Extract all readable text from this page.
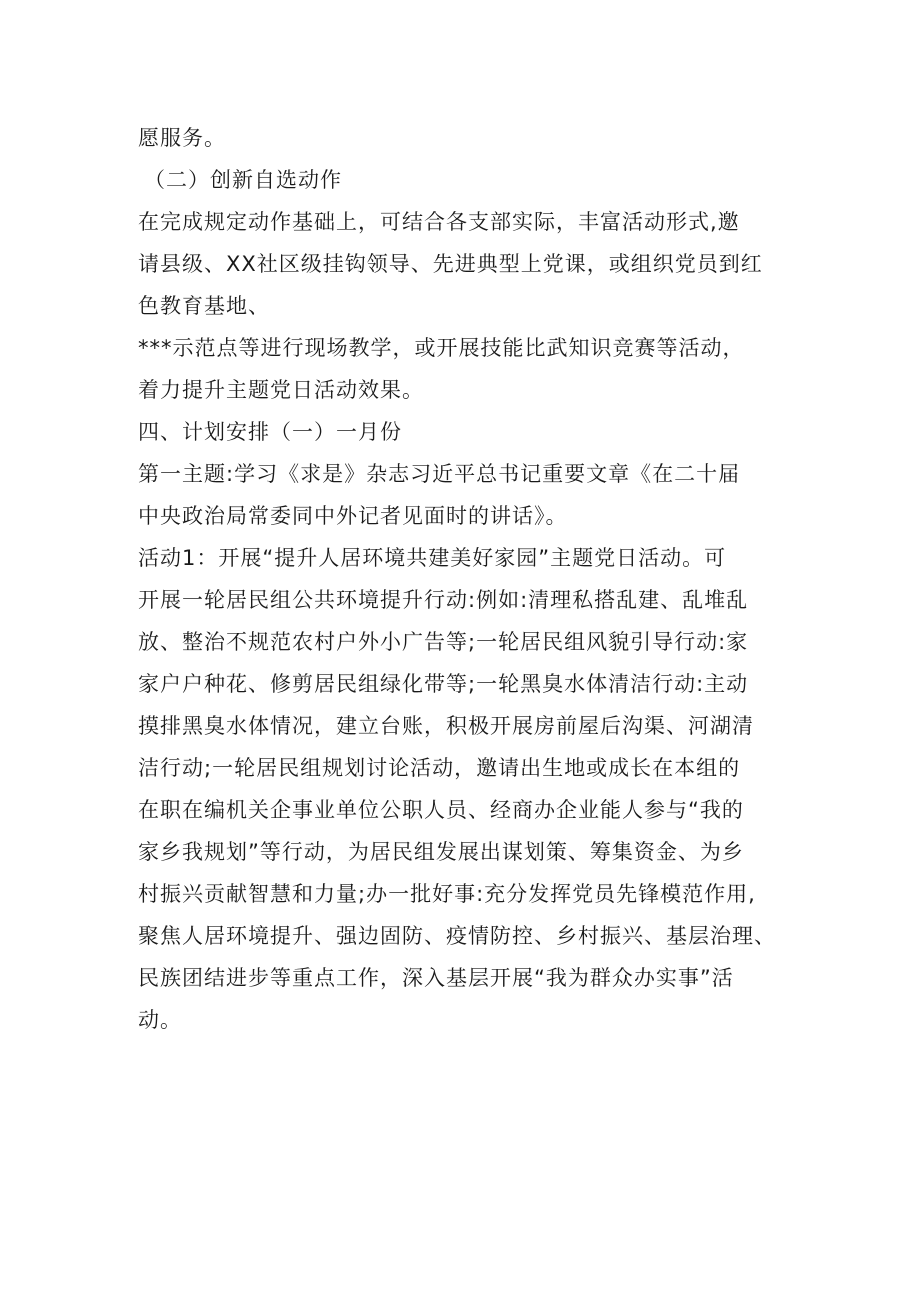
愿服务。
（二）创新自选动作
在完成规定动作基础上，可结合各支部实际，丰富活动形式,邀
请县级、XX社区级挂钩领导、先进典型上党课，或组织党员到红
色教育基地、
***示范点等进行现场教学，或开展技能比武知识竞赛等活动，
着力提升主题党日活动效果。
四、计划安排（一）一月份
第一主题:学习《求是》杂志习近平总书记重要文章《在二十届
中央政治局常委同中外记者见面时的讲话》。
活动1：开展“提升人居环境共建美好家园”主题党日活动。可
开展一轮居民组公共环境提升行动:例如:清理私搭乱建、乱堆乱
放、整治不规范农村户外小广告等;一轮居民组风貌引导行动:家
家户户种花、修剪居民组绿化带等;一轮黑臭水体清洁行动:主动
摸排黑臭水体情况，建立台账，积极开展房前屋后沟渠、河湖清
洁行动;一轮居民组规划讨论活动，邀请出生地或成长在本组的
在职在编机关企事业单位公职人员、经商办企业能人参与“我的
家乡我规划”等行动，为居民组发展出谋划策、筹集资金、为乡
村振兴贡献智慧和力量;办一批好事:充分发挥党员先锋模范作用,
聚焦人居环境提升、强边固防、疫情防控、乡村振兴、基层治理、
民族团结进步等重点工作，深入基层开展“我为群众办实事”活
动。
